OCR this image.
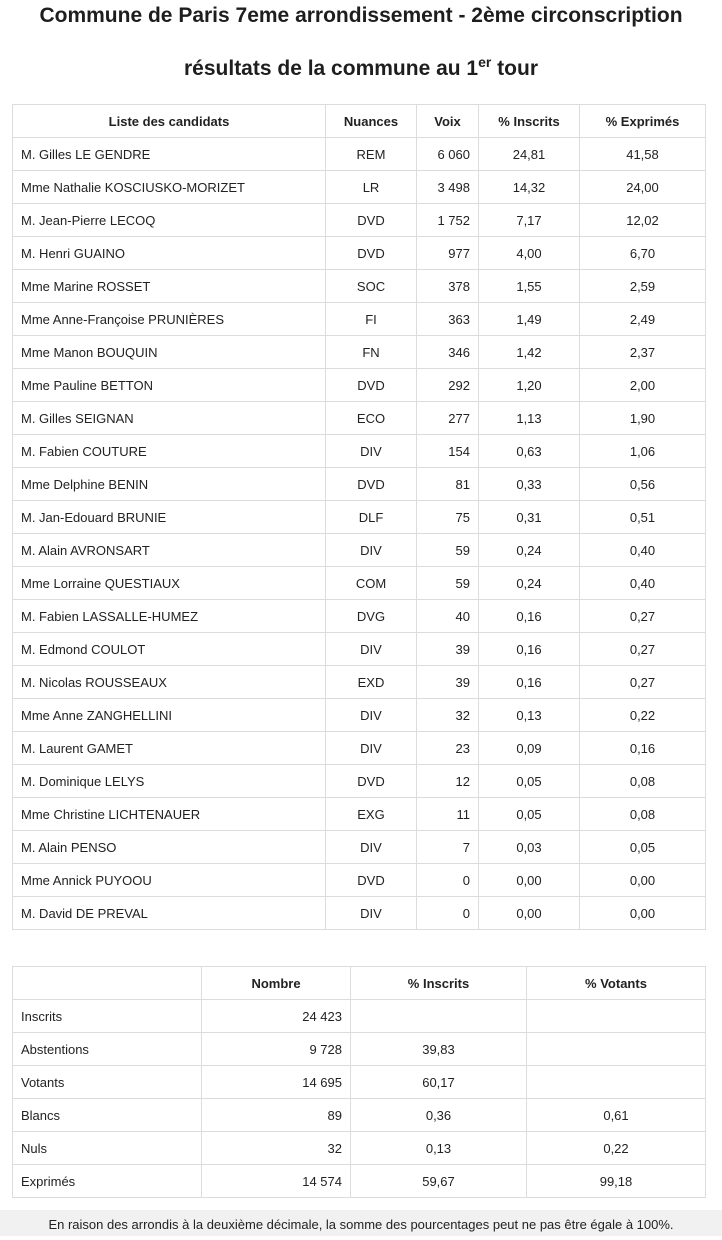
Commune de Paris 7eme arrondissement - 2ème circonscription
résultats de la commune au 1er tour
Liste des candidats	Nuances	Voix	% Inscrits	% Exprimés
M. Gilles LE GENDRE	REM	6 060	24,81	41,58
Mme Nathalie KOSCIUSKO-MORIZET	LR	3 498	14,32	24,00
M. Jean-Pierre LECOQ	DVD	1 752	7,17	12,02
M. Henri GUAINO	DVD	977	4,00	6,70
Mme Marine ROSSET	SOC	378	1,55	2,59
Mme Anne-Françoise PRUNIÈRES	FI	363	1,49	2,49
Mme Manon BOUQUIN	FN	346	1,42	2,37
Mme Pauline BETTON	DVD	292	1,20	2,00
M. Gilles SEIGNAN	ECO	277	1,13	1,90
M. Fabien COUTURE	DIV	154	0,63	1,06
Mme Delphine BENIN	DVD	81	0,33	0,56
M. Jan-Edouard BRUNIE	DLF	75	0,31	0,51
M. Alain AVRONSART	DIV	59	0,24	0,40
Mme Lorraine QUESTIAUX	COM	59	0,24	0,40
M. Fabien LASSALLE-HUMEZ	DVG	40	0,16	0,27
M. Edmond COULOT	DIV	39	0,16	0,27
M. Nicolas ROUSSEAUX	EXD	39	0,16	0,27
Mme Anne ZANGHELLINI	DIV	32	0,13	0,22
M. Laurent GAMET	DIV	23	0,09	0,16
M. Dominique LELYS	DVD	12	0,05	0,08
Mme Christine LICHTENAUER	EXG	11	0,05	0,08
M. Alain PENSO	DIV	7	0,03	0,05
Mme Annick PUYOOU	DVD	0	0,00	0,00
M. David DE PREVAL	DIV	0	0,00	0,00
	Nombre	% Inscrits	% Votants
Inscrits	24 423		
Abstentions	9 728	39,83	
Votants	14 695	60,17	
Blancs	89	0,36	0,61
Nuls	32	0,13	0,22
Exprimés	14 574	59,67	99,18
En raison des arrondis à la deuxième décimale, la somme des pourcentages peut ne pas être égale à 100%.
